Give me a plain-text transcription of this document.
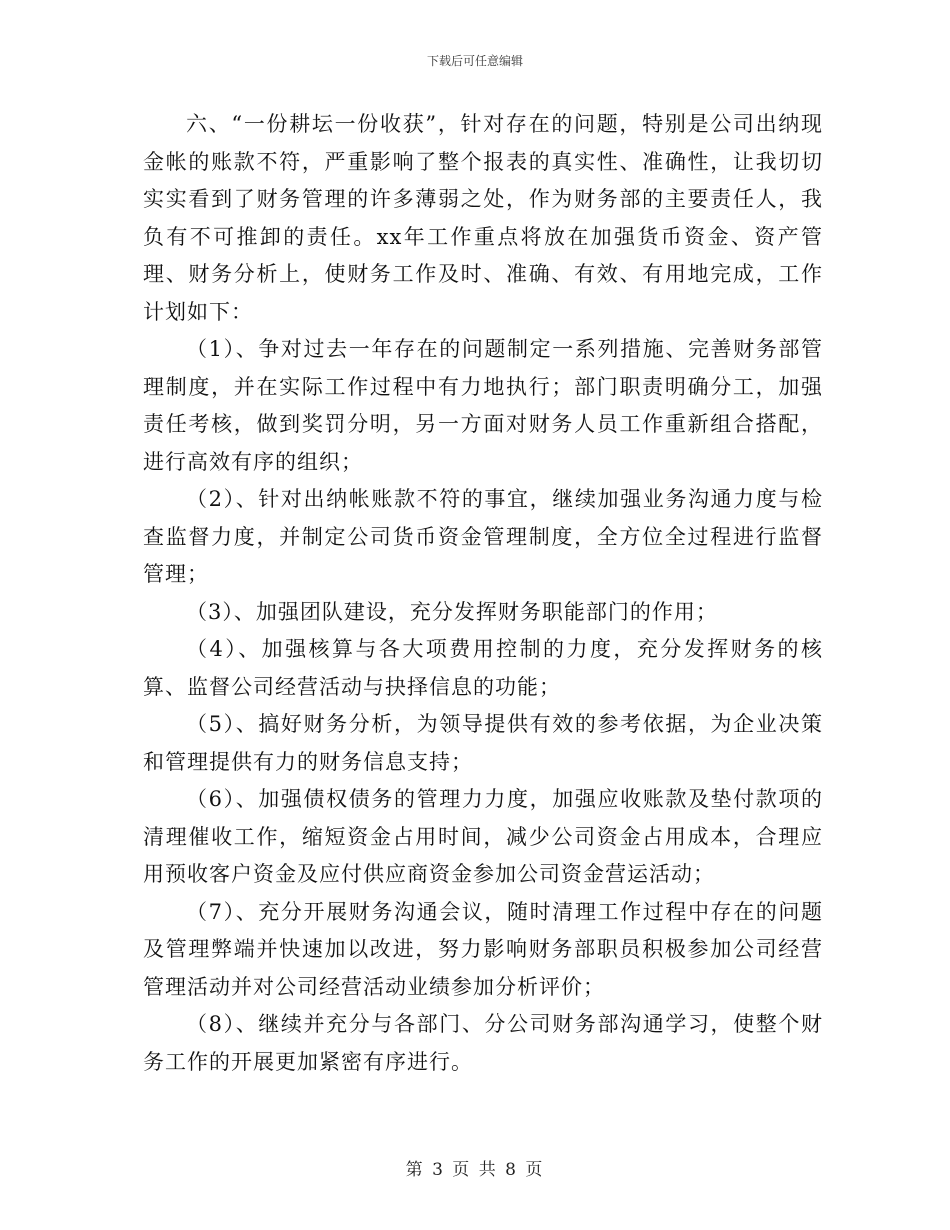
下载后可任意编辑

六、“一份耕坛一份收获”，针对存在的问题，特别是公司出纳现金帐的账款不符，严重影响了整个报表的真实性、准确性，让我切切实实看到了财务管理的许多薄弱之处，作为财务部的主要责任人，我负有不可推卸的责任。xx年工作重点将放在加强货币资金、资产管理、财务分析上，使财务工作及时、准确、有效、有用地完成，工作计划如下：

（1）、争对过去一年存在的问题制定一系列措施、完善财务部管理制度，并在实际工作过程中有力地执行；部门职责明确分工，加强责任考核，做到奖罚分明，另一方面对财务人员工作重新组合搭配，进行高效有序的组织；

（2）、针对出纳帐账款不符的事宜，继续加强业务沟通力度与检查监督力度，并制定公司货币资金管理制度，全方位全过程进行监督管理；

（3）、加强团队建设，充分发挥财务职能部门的作用；

（4）、加强核算与各大项费用控制的力度，充分发挥财务的核算、监督公司经营活动与抉择信息的功能；

（5）、搞好财务分析，为领导提供有效的参考依据，为企业决策和管理提供有力的财务信息支持；

（6）、加强债权债务的管理力力度，加强应收账款及垫付款项的清理催收工作，缩短资金占用时间，减少公司资金占用成本，合理应用预收客户资金及应付供应商资金参加公司资金营运活动；

（7）、充分开展财务沟通会议，随时清理工作过程中存在的问题及管理弊端并快速加以改进，努力影响财务部职员积极参加公司经营管理活动并对公司经营活动业绩参加分析评价；

（8）、继续并充分与各部门、分公司财务部沟通学习，使整个财务工作的开展更加紧密有序进行。

第 3 页 共 8 页
